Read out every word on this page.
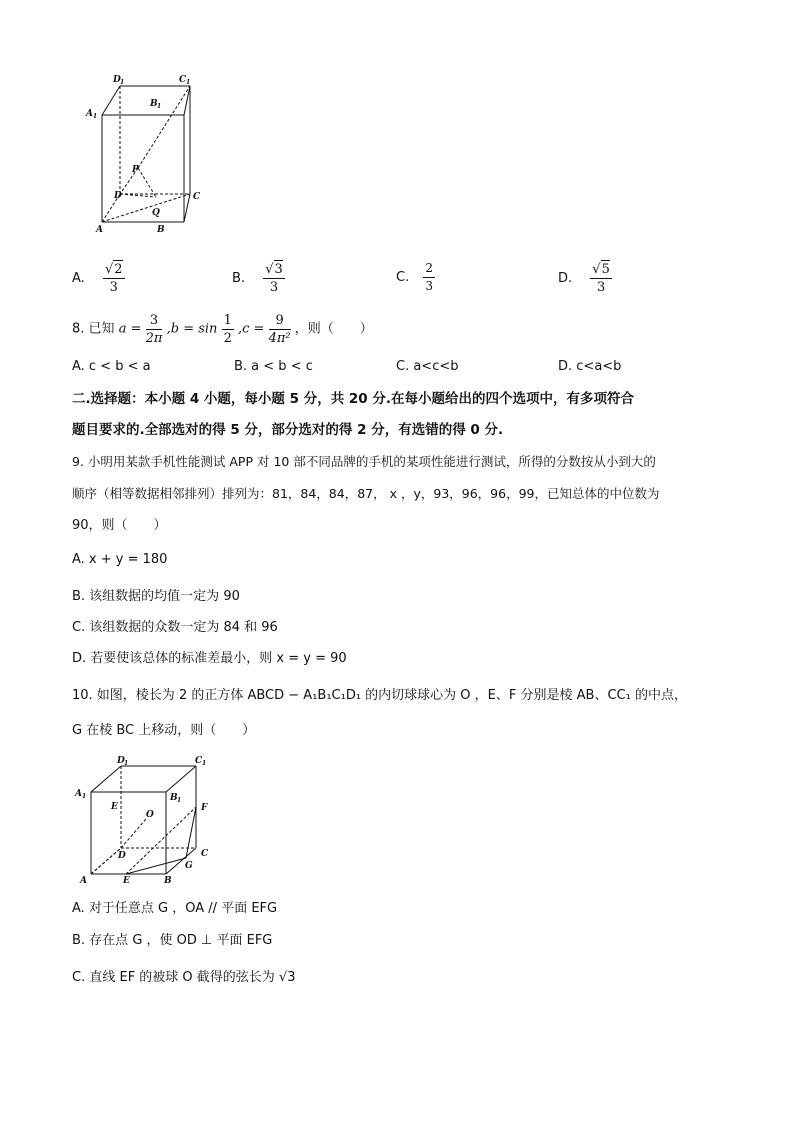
D 1	C 1
A 1
B 1
P
D	C
Q
A	B
A. $\frac{√2}{3}$	B. $\frac{√3}{3}$	C. $\frac{2}{3}$	D. $\frac{√5}{3}$
8. 已知 $a = \frac{3}{2\pi} ,b = \sin \frac{1}{2} ,c = \frac{9}{\text{4π²}}$ ，则（　　）
A. c < b < a	B. a < b < c	C. a<c<b	D. c<a<b
二.选择题：本小题 4 小题，每小题 5 分，共 20 分.在每小题给出的四个选项中，有多项符合
题目要求的.全部选对的得 5 分，部分选对的得 2 分，有选错的得 0 分.
9. 小明用某款手机性能测试 APP 对 10 部不同品牌的手机的某项性能进行测试，所得的分数按从小到大的
顺序（相等数据相邻排列）排列为：81，84，84，87， x ，y，93，96，96，99，已知总体的中位数为
90，则（　　）
A. x + y = 180
B. 该组数据的均值一定为 90
C. 该组数据的众数一定为 84 和 96
D. 若要使该总体的标准差最小，则 x = y = 90
10. 如图，棱长为 2 的正方体 ABCD − A₁B₁C₁D₁ 的内切球球心为 O ，E、F 分别是棱 AB、CC₁ 的中点，
G 在棱 BC 上移动，则（　　）
D 1	C 1
A 1	B 1
E
O
F
D	C
G
A	E	B
A. 对于任意点 G ，OA // 平面 EFG
B. 存在点 G ，使 OD ⊥ 平面 EFG
C. 直线 EF 的被球 O 截得的弦长为 √3
